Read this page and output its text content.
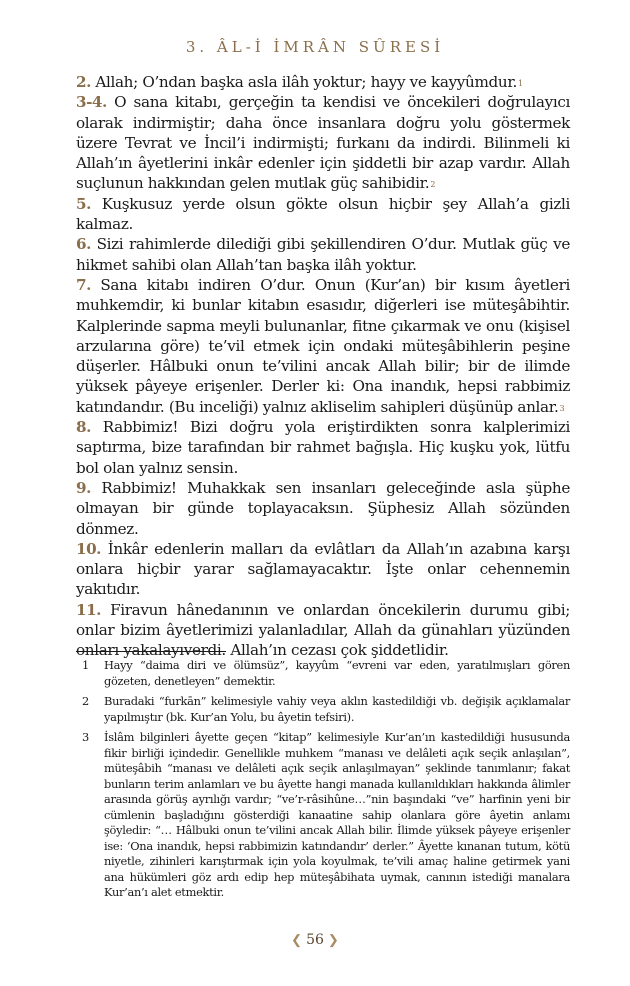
3. ÂL-İ İMRÂN SÛRESİ

2. Allah; O’ndan başka asla ilâh yoktur; hayy ve kayyûmdur.$^1$

3-4. O sana kitabı, gerçeğin ta kendisi ve öncekileri doğrulayıcı olarak indirmiştir; daha önce insanlara doğru yolu göstermek üzere Tevrat ve İncil’i indirmişti; furkanı da indirdi. Bilinmeli ki Allah’ın âyetlerini inkâr edenler için şiddetli bir azap vardır. Allah suçlunun hakkından gelen mutlak güç sahibidir.$^2$

5. Kuşkusuz yerde olsun gökte olsun hiçbir şey Allah’a gizli kalmaz.

6. Sizi rahimlerde dilediği gibi şekillendiren O’dur. Mutlak güç ve hikmet sahibi olan Allah’tan başka ilâh yoktur.

7. Sana kitabı indiren O’dur. Onun (Kur’an) bir kısım âyetleri muhkemdir, ki bunlar kitabın esasıdır, diğerleri ise müteşâbihtir. Kalplerinde sapma meyli bulunanlar, fitne çıkarmak ve onu (kişisel arzularına göre) te’vil etmek için ondaki müteşâbihlerin peşine düşerler. Hâlbuki onun te’vilini ancak Allah bilir; bir de ilimde yüksek pâyeye erişenler. Derler ki: Ona inandık, hepsi rabbimiz katındandır. (Bu inceliği) yalnız akliselim sahipleri düşünüp anlar.$^3$

8. Rabbimiz! Bizi doğru yola eriştirdikten sonra kalplerimizi saptırma, bize tarafından bir rahmet bağışla. Hiç kuşku yok, lütfu bol olan yalnız sensin.

9. Rabbimiz! Muhakkak sen insanları geleceğinde asla şüphe olmayan bir günde toplayacaksın. Şüphesiz Allah sözünden dönmez.

10. İnkâr edenlerin malları da evlâtları da Allah’ın azabına karşı onlara hiçbir yarar sağlamayacaktır. İşte onlar cehennemin yakıtıdır.

11. Firavun hânedanının ve onlardan öncekilerin durumu gibi; onlar bizim âyetlerimizi yalanladılar, Allah da günahları yüzünden onları yakalayıverdi. Allah’ın cezası çok şiddetlidir.

1	Hayy “daima diri ve ölümsüz”, kayyûm “evreni var eden, yaratılmışları gören gözeten, denetleyen” demektir.
2	Buradaki “furkān” kelimesiyle vahiy veya aklın kastedildiği vb. değişik açıklamalar yapılmıştır (bk. Kur’an Yolu, bu âyetin tefsiri).
3	İslâm bilginleri âyette geçen “kitap” kelimesiyle Kur’an’ın kastedildiği hususunda fikir birliği içindedir. Genellikle muhkem “manası ve delâleti açık seçik anlaşılan”, müteşâbih “manası ve delâleti açık seçik anlaşılmayan” şeklinde tanımlanır; fakat bunların terim anlamları ve bu âyette hangi manada kullanıldıkları hakkında âlimler arasında görüş ayrılığı vardır; “ve’r-râsihûne…”nin başındaki “ve” harfinin yeni bir cümlenin başladığını gösterdiği kanaatine sahip olanlara göre âyetin anlamı şöyledir: “… Hâlbuki onun te’vilini ancak Allah bilir. İlimde yüksek pâyeye erişenler ise: ‘Ona inandık, hepsi rabbimizin katındandır’ derler.” Âyette kınanan tutum, kötü niyetle, zihinleri karıştırmak için yola koyulmak, te’vili amaç haline getirmek yani ana hükümleri göz ardı edip hep müteşâbihata uymak, canının istediği manalara Kur’an’ı alet etmektir.
❮ 56 ❯
